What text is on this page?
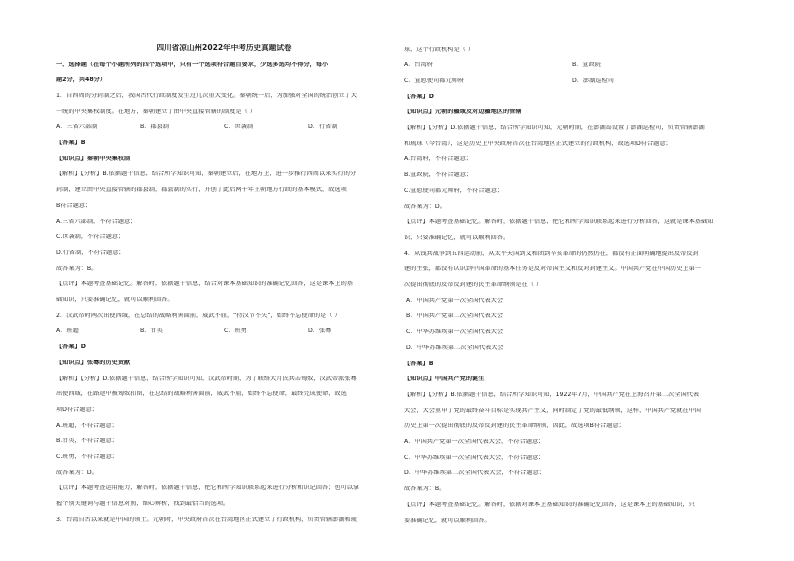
四川省凉山州2022年中考历史真题试卷
一、选择题（在每个小题所列的四个选项中，只有一个选项符合题目要求，少选多选均不得分，每小
题2分，共48分）
1．自西周的分封制之后，我国古代行政制度发生过几次重大变化。秦朝统一后，为加强对全国的统治创立了大
一统的中央集权制度。在地方，秦朝建立了由中央直接管辖的制度是（ ）
A．三省六部制	B．郡县制	C．世袭制	D．行省制
【答案】B
【知识点】秦朝中央集权制
【解析】【分析】B.依据题干信息，结合所学知识可知，秦朝建立后，在地方上，进一步推行西周以来实行的分
封制，建立由中央直接管辖的郡县制，郡县制的实行，开创了此后两千年王朝地方行政的基本模式，故选项
B符合题意；
A.三省六部制，不符合题意；
C.世袭制，不符合题意；
D.行省制，不符合题意；
故答案为：B。
【点评】本题考查基础记忆。解答时，依据题干信息，结合对课本基础知识的准确记忆回答，这是课本上的基
础知识，只要准确记忆，就可以顺利回答。
2．汉武帝时两次出使西域，在总结的战略利害面前，威武不屈，“持汉节不失”，始终不忘使命的是（ ）
A．班超	B．甘英	C．班勇	D．张骞
【答案】D
【知识点】张骞的历史贡献
【解析】【分析】D.依据题干信息，结合所学知识可知，汉武帝时期，为了联络大月氏共击匈奴，汉武帝派张骞
出使西域，在路途中被匈奴扣留，在总结的战略利害面前，威武不屈，始终不忘使命，最终完成使命，故选
项D符合题意；
A.班超，不符合题意；
B.甘英，不符合题意；
C.班勇，不符合题意；
故答案为：D。
【点评】本题考查运用能力，解答时，依据题干信息，把它和所学知识联系起来进行分析和识记回答；也可以掌
握个别关键词与题干信息对照，细心辨析，找到最恰当的选项。
3．台湾自古以来就是中国的领土。元朝时，中央政府首次在台湾地区正式建立了行政机构，负责管辖澎湖和琉
球，这个行政机构是（ ）
A．台湾府	B．宣政院
C．宣慰使司都元帅府	D．澎湖巡检司
【答案】D
【知识点】元朝的疆域及对边疆地区的管辖
【解析】【分析】D.依据题干信息，结合所学知识可知，元朝时期，在澎湖岛设置了澎湖巡检司，负责管辖澎湖
和琉球（今台湾），这是历史上中央政府首次在台湾地区正式建立的行政机构，故选项D符合题意；
A.台湾府，不符合题意；
B.宣政院，不符合题意；
C.宣慰使司都元帅府，不符合题意；
故答案为：D。
【点评】本题考查基础记忆。解答时，依据题干信息，把它和所学知识联系起来进行分析回答，这就是课本基础知
识，只要准确记忆，就可以顺利回答。
4．从钱共战争到五四运动前，从太平天国到义和团到辛亥革命的仍然仍在，都没有正面明确地提出反帝反封
建的主张，都没有认识到中国革命的基本任务是反对帝国主义和反对封建主义。中国共产党在中国历史上第一
次提出彻底的反帝反封建的民主革命纲领是在（ ）
A．中国共产党第一次全国代表大会
B．中国共产党第二次全国代表大会
C．中华苏维埃第一次全国代表大会
D．中华苏维埃第二次全国代表大会
【答案】B
【知识点】中国共产党的诞生
【解析】【分析】B.依据题干信息，结合所学知识可知，1922年7月，中国共产党在上海召开第二次全国代表
大会，大会重申了党的最终奋斗目标是实现共产主义，同时制定了党的最低纲领，这样，中国共产党就在中国
历史上第一次提出彻底的反帝反封建的民主革命纲领，因此，故选项B符合题意；
A．中国共产党第一次全国代表大会，不符合题意；
C．中华苏维埃第一次全国代表大会，不符合题意；
D．中华苏维埃第二次全国代表大会，不符合题意；
故答案为：B。
【点评】本题考查基础记忆。解答时，依据对课本上基础知识的准确记忆回答，这是课本上的基础知识，只
要准确记忆，就可以顺利回答。
